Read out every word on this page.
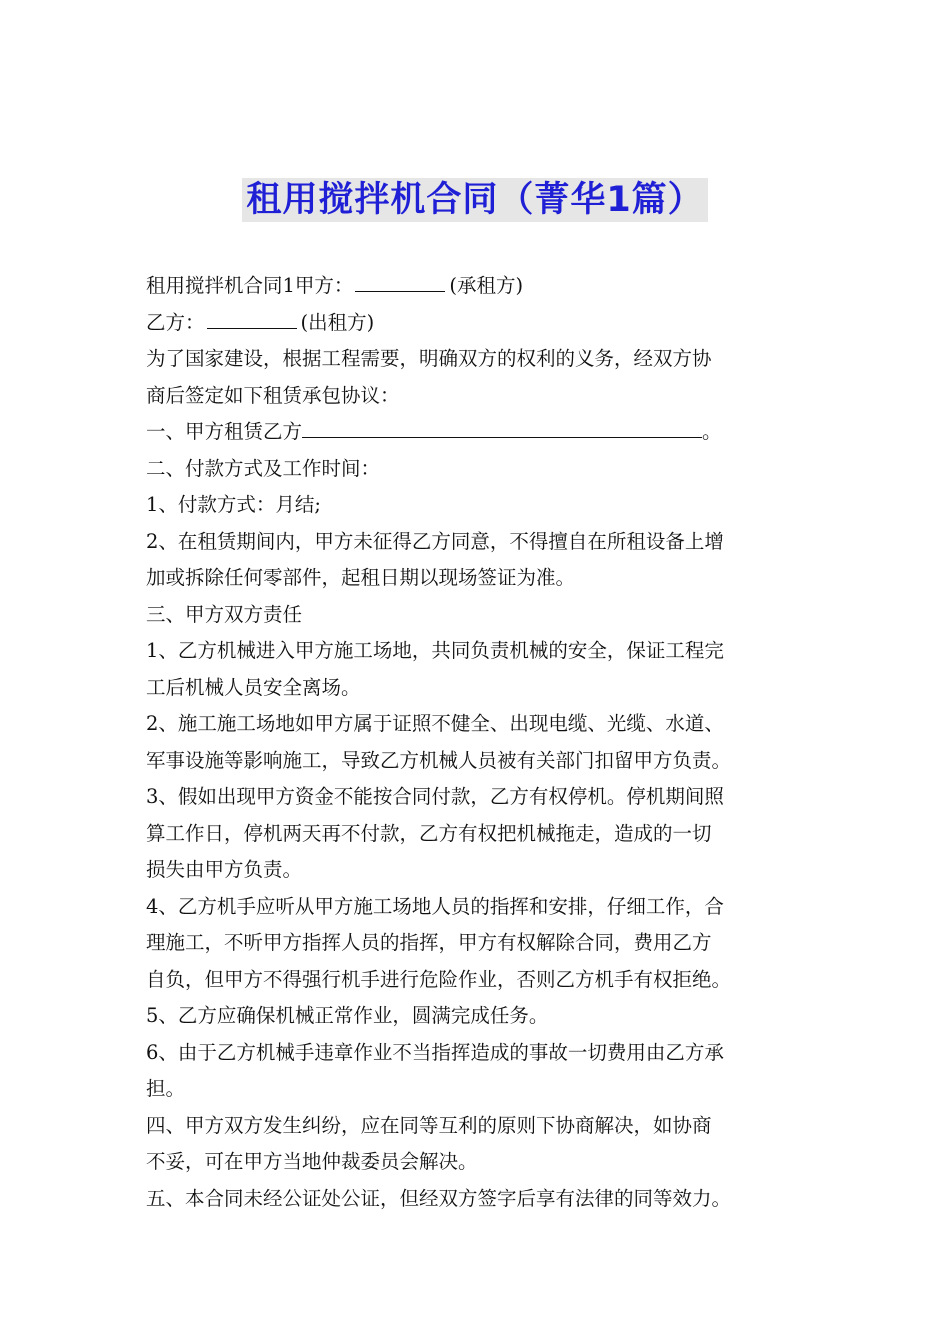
租用搅拌机合同（菁华1篇）
租用搅拌机合同1甲方：	(承租方)
乙方：	(出租方)
为了国家建设，根据工程需要，明确双方的权利的义务，经双方协
商后签定如下租赁承包协议：
一、甲方租赁乙方	。
二、付款方式及工作时间：
1、付款方式：月结;
2、在租赁期间内，甲方未征得乙方同意，不得擅自在所租设备上增
加或拆除任何零部件，起租日期以现场签证为准。
三、甲方双方责任
1、乙方机械进入甲方施工场地，共同负责机械的安全，保证工程完
工后机械人员安全离场。
2、施工施工场地如甲方属于证照不健全、出现电缆、光缆、水道、
军事设施等影响施工，导致乙方机械人员被有关部门扣留甲方负责。
3、假如出现甲方资金不能按合同付款，乙方有权停机。停机期间照
算工作日，停机两天再不付款，乙方有权把机械拖走，造成的一切
损失由甲方负责。
4、乙方机手应听从甲方施工场地人员的指挥和安排，仔细工作，合
理施工，不听甲方指挥人员的指挥，甲方有权解除合同，费用乙方
自负，但甲方不得强行机手进行危险作业，否则乙方机手有权拒绝。
5、乙方应确保机械正常作业，圆满完成任务。
6、由于乙方机械手违章作业不当指挥造成的事故一切费用由乙方承
担。
四、甲方双方发生纠纷，应在同等互利的原则下协商解决，如协商
不妥，可在甲方当地仲裁委员会解决。
五、本合同未经公证处公证，但经双方签字后享有法律的同等效力。
